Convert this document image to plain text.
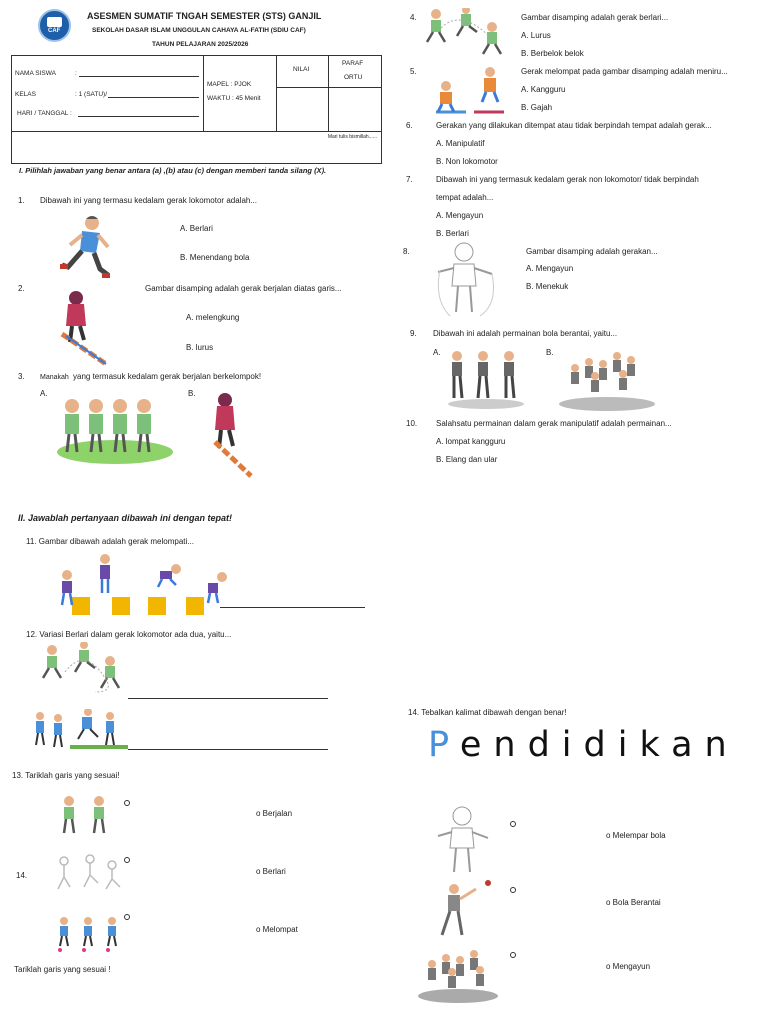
CAF
ASESMEN SUMATIF TNGAH SEMESTER (STS) GANJIL
SEKOLAH DASAR ISLAM UNGGULAN CAHAYA AL-FATIH (SDIU CAF)
TAHUN PELAJARAN 2025/2026
NAMA SISWA	:
KELAS	: 1 (SATU)/
HARI / TANGGAL :

MAPEL : PJOK
WAKTU : 45 Menit

NILAI

PARAF
ORTU

Mari tulis bismillah......
I. Pilihlah jawaban yang benar antara (a) ,(b) atau (c) dengan memberi tanda silang (X).
1. Dibawah ini yang termasu kedalam gerak lokomotor adalah...
A. Berlari
B. Menendang bola
2.	Gambar disamping adalah gerak berjalan diatas garis...
A. melengkung
B. lurus
3. Manakah yang termasuk kedalam gerak berjalan berkelompok!
A.	B.
4.	Gambar disamping adalah gerak berlari...
A. Lurus
B. Berbelok belok
5.	Gerak melompat pada gambar disamping adalah meniru...
A. Kangguru
B. Gajah
6.	Gerakan yang dilakukan ditempat atau tidak berpindah tempat adalah gerak...
A. Manipulatif
B. Non lokomotor
7.	Dibawah ini yang termasuk kedalam gerak non lokomotor/ tidak berpindah
tempat adalah...
A. Mengayun
B. Berlari
8.	Gambar disamping adalah gerakan...
A. Mengayun
B. Menekuk
9. Dibawah ini adalah permainan bola berantai, yaitu...
A.	B.
10. Salahsatu permainan dalam gerak manipulatif adalah permainan...
A. lompat kangguru
B. Elang dan ular
II. Jawablah pertanyaan dibawah ini dengan tepat!
11. Gambar dibawah adalah gerak melompati...
12. Variasi Berlari dalam gerak lokomotor ada dua, yaitu...
13. Tariklah garis yang sesuai!
14.
o Berjalan
o Berlari
o Melompat
Tariklah garis yang sesuai !
14. Tebalkan kalimat dibawah dengan benar!
Pendidikan
o Melempar bola
o Bola Berantai
o Mengayun
